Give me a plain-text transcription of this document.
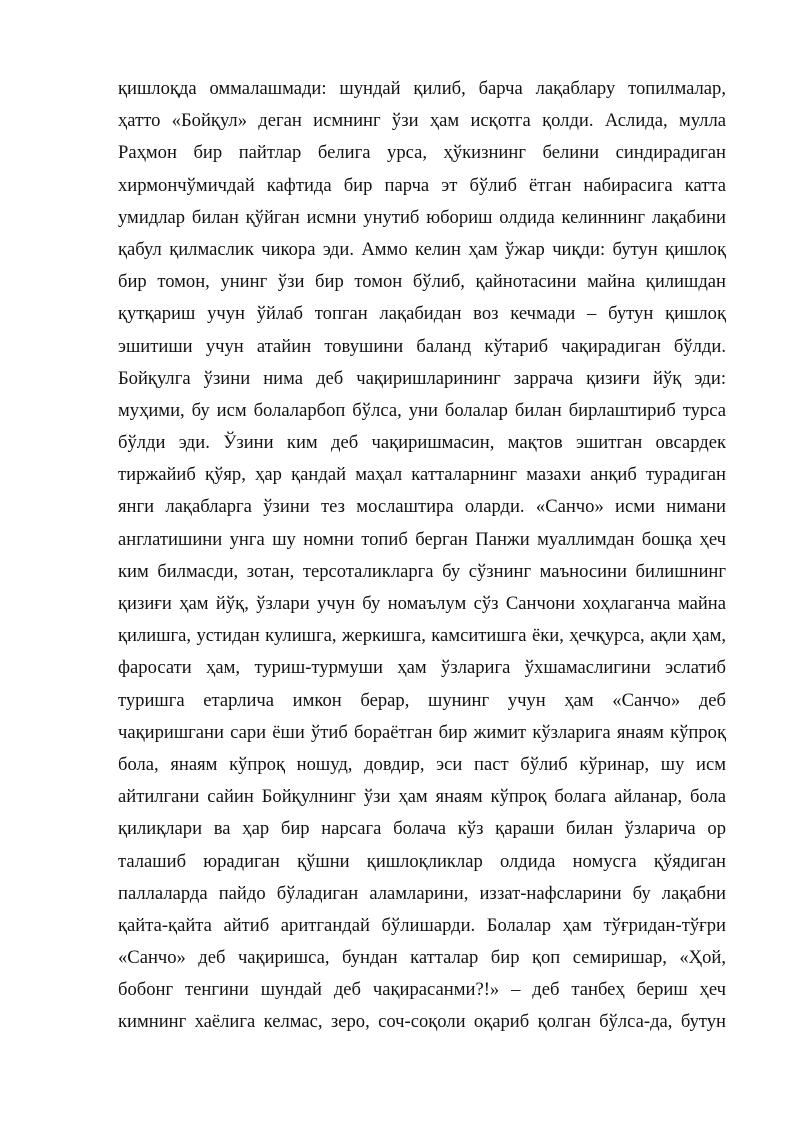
қишлоқда оммалашмади: шундай қилиб, барча лақаблару топилмалар,
ҳатто «Бойқул» деган исмнинг ўзи ҳам исқотга қолди. Аслида, мулла
Раҳмон бир пайтлар белига урса, ҳўкизнинг белини синдирадиган
хирмончўмичдай кафтида бир парча эт бўлиб ётган набирасига катта
умидлар билан қўйган исмни унутиб юбориш олдида келиннинг лақабини
қабул қилмаслик чикора эди. Аммо келин ҳам ўжар чиқди: бутун қишлоқ
бир томон, унинг ўзи бир томон бўлиб, қайнотасини майна қилишдан
қутқариш учун ўйлаб топган лақабидан воз кечмади – бутун қишлоқ
эшитиши учун атайин товушини баланд кўтариб чақирадиган бўлди.
Бойқулга ўзини нима деб чақиришларининг заррача қизиғи йўқ эди:
муҳими, бу исм болаларбоп бўлса, уни болалар билан бирлаштириб турса
бўлди эди. Ўзини ким деб чақиришмасин, мақтов эшитган овсардек
тиржайиб қўяр, ҳар қандай маҳал катталарнинг мазахи анқиб турадиган
янги лақабларга ўзини тез мослаштира оларди. «Санчо» исми нимани
англатишини унга шу номни топиб берган Панжи муаллимдан бошқа ҳеч
ким билмасди, зотан, терсоталикларга бу сўзнинг маъносини билишнинг
қизиғи ҳам йўқ, ўзлари учун бу номаълум сўз Санчони хоҳлаганча майна
қилишга, устидан кулишга, жеркишга, камситишга ёки, ҳечқурса, ақли ҳам,
фаросати ҳам, туриш-турмуши ҳам ўзларига ўхшамаслигини эслатиб
туришга етарлича имкон берар, шунинг учун ҳам «Санчо» деб
чақиришгани сари ёши ўтиб бораётган бир жимит кўзларига янаям кўпроқ
бола, янаям кўпроқ ношуд, довдир, эси паст бўлиб кўринар, шу исм
айтилгани сайин Бойқулнинг ўзи ҳам янаям кўпроқ болага айланар, бола
қилиқлари ва ҳар бир нарсага болача кўз қараши билан ўзларича ор
талашиб юрадиган қўшни қишлоқликлар олдида номусга қўядиган
паллаларда пайдо бўладиган аламларини, иззат-нафсларини бу лақабни
қайта-қайта айтиб аритгандай бўлишарди. Болалар ҳам тўғридан-тўғри
«Санчо» деб чақиришса, бундан катталар бир қоп семиришар, «Ҳой,
бобонг тенгини шундай деб чақирасанми?!» – деб танбеҳ бериш ҳеч
кимнинг хаёлига келмас, зеро, соч-соқоли оқариб қолган бўлса-да, бутун
